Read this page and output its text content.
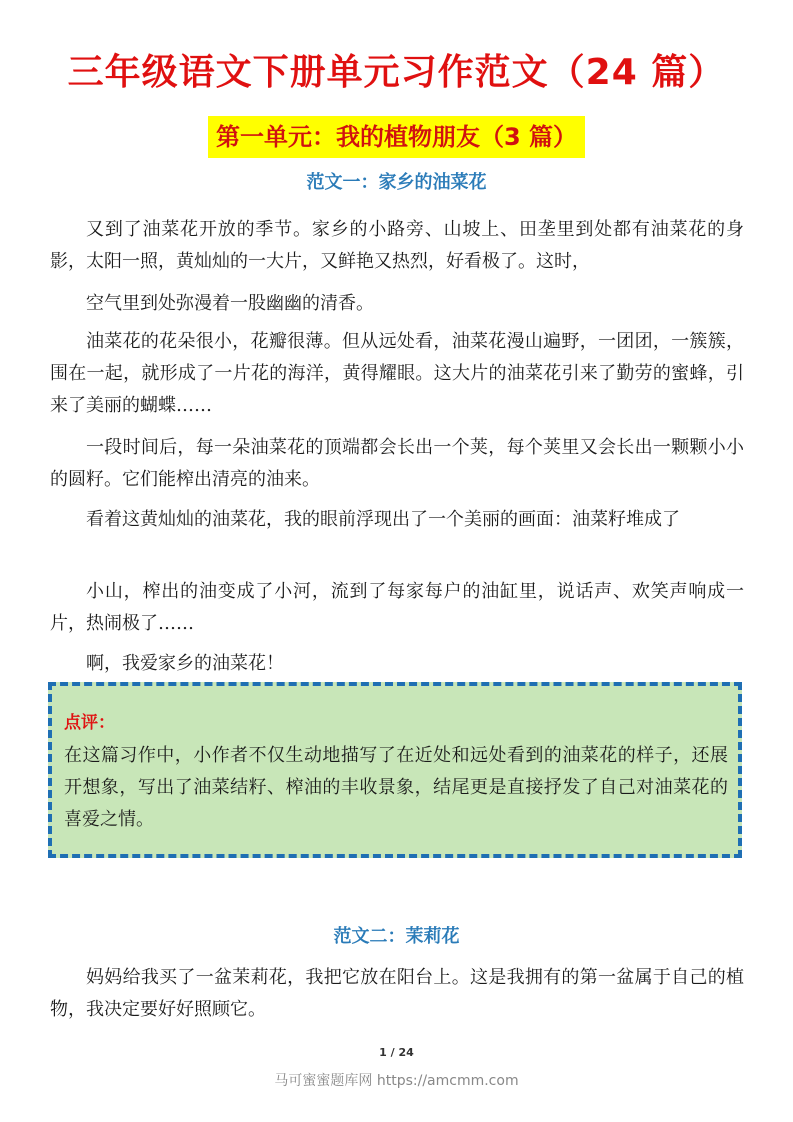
三年级语文下册单元习作范文（24 篇）
第一单元：我的植物朋友（3 篇）
范文一：家乡的油菜花

又到了油菜花开放的季节。家乡的小路旁、山坡上、田垄里到处都有油菜花的身影，太阳一照，黄灿灿的一大片，又鲜艳又热烈，好看极了。这时，

空气里到处弥漫着一股幽幽的清香。

油菜花的花朵很小，花瓣很薄。但从远处看，油菜花漫山遍野，一团团，一簇簇，围在一起，就形成了一片花的海洋，黄得耀眼。这大片的油菜花引来了勤劳的蜜蜂，引来了美丽的蝴蝶……

一段时间后，每一朵油菜花的顶端都会长出一个荚，每个荚里又会长出一颗颗小小的圆籽。它们能榨出清亮的油来。

看着这黄灿灿的油菜花，我的眼前浮现出了一个美丽的画面：油菜籽堆成了

小山，榨出的油变成了小河，流到了每家每户的油缸里，说话声、欢笑声响成一片，热闹极了……

啊，我爱家乡的油菜花！

点评：

在这篇习作中，小作者不仅生动地描写了在近处和远处看到的油菜花的样子，还展开想象，写出了油菜结籽、榨油的丰收景象，结尾更是直接抒发了自己对油菜花的喜爱之情。

范文二：茉莉花

妈妈给我买了一盆茉莉花，我把它放在阳台上。这是我拥有的第一盆属于自己的植物，我决定要好好照顾它。

1 / 24
马可蜜蜜题库网 https://amcmm.com
